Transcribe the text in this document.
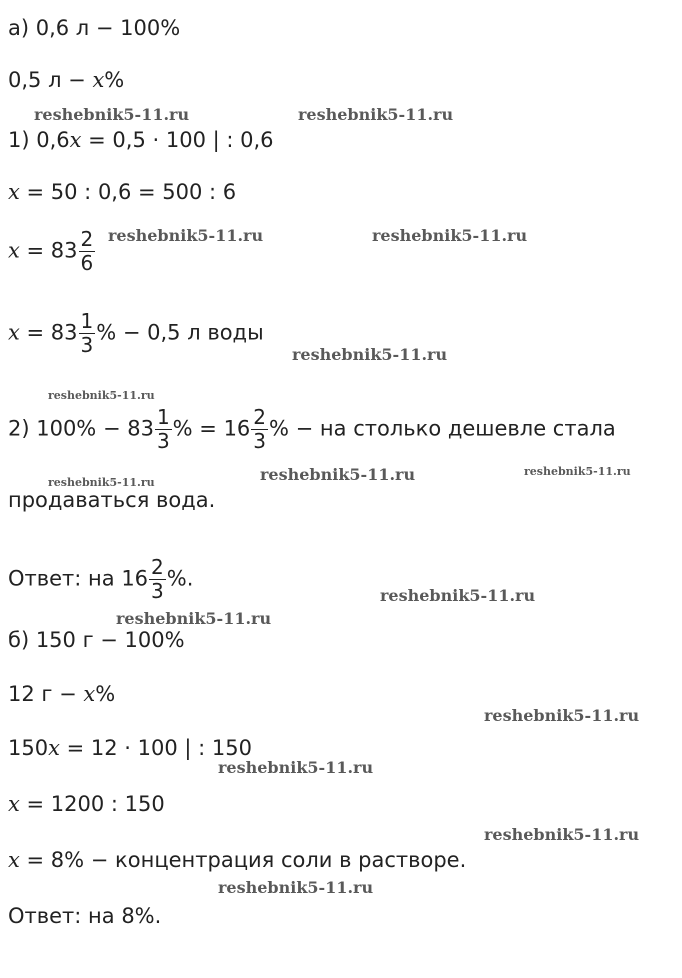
а) 0,6 л − 100%
0,5 л − x%
1) 0,6x = 0,5 · 100 | : 0,6
x = 50 : 0,6 = 500 : 6
$x = 83 \frac{2}{6}$
$x = 83 \frac{1}{3}$ % − 0,5 л воды
2) $100\% - 83 \frac{1}{3}$ % = $16 \frac{2}{3}$ % − на столько дешевле стала
продаваться вода.
Ответ: на $16 \frac{2}{3}$ %.
б) 150 г − 100%
12 г − x%
150x = 12 · 100 | : 150
x = 1200 : 150
x = 8% − концентрация соли в растворе.
Ответ: на 8%.
reshebnik5-11.ru	reshebnik5-11.ru
reshebnik5-11.ru	reshebnik5-11.ru
reshebnik5-11.ru
reshebnik5-11.ru
reshebnik5-11.ru	reshebnik5-11.ru	reshebnik5-11.ru
reshebnik5-11.ru
reshebnik5-11.ru
reshebnik5-11.ru
reshebnik5-11.ru
reshebnik5-11.ru
reshebnik5-11.ru
